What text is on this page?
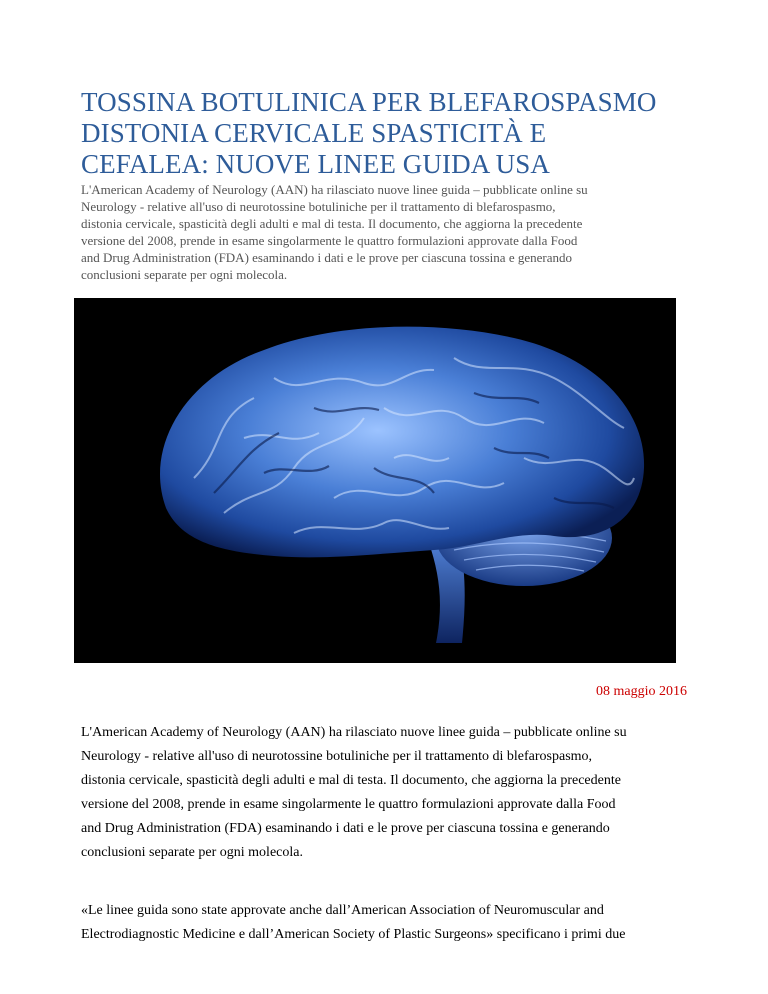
TOSSINA BOTULINICA PER BLEFAROSPASMO
DISTONIA CERVICALE SPASTICITÀ E
CEFALEA: NUOVE LINEE GUIDA USA

L'American Academy of Neurology (AAN) ha rilasciato nuove linee guida – pubblicate online su
Neurology - relative all'uso di neurotossine botuliniche per il trattamento di blefarospasmo,
distonia cervicale, spasticità degli adulti e mal di testa. Il documento, che aggiorna la precedente
versione del 2008, prende in esame singolarmente le quattro formulazioni approvate dalla Food
and Drug Administration (FDA) esaminando i dati e le prove per ciascuna tossina e generando
conclusioni separate per ogni molecola.

08 maggio 2016

L'American Academy of Neurology (AAN) ha rilasciato nuove linee guida – pubblicate online su
Neurology - relative all'uso di neurotossine botuliniche per il trattamento di blefarospasmo,
distonia cervicale, spasticità degli adulti e mal di testa. Il documento, che aggiorna la precedente
versione del 2008, prende in esame singolarmente le quattro formulazioni approvate dalla Food
and Drug Administration (FDA) esaminando i dati e le prove per ciascuna tossina e generando
conclusioni separate per ogni molecola.

«Le linee guida sono state approvate anche dall’American Association of Neuromuscular and
Electrodiagnostic Medicine e dall’American Society of Plastic Surgeons» specificano i primi due
